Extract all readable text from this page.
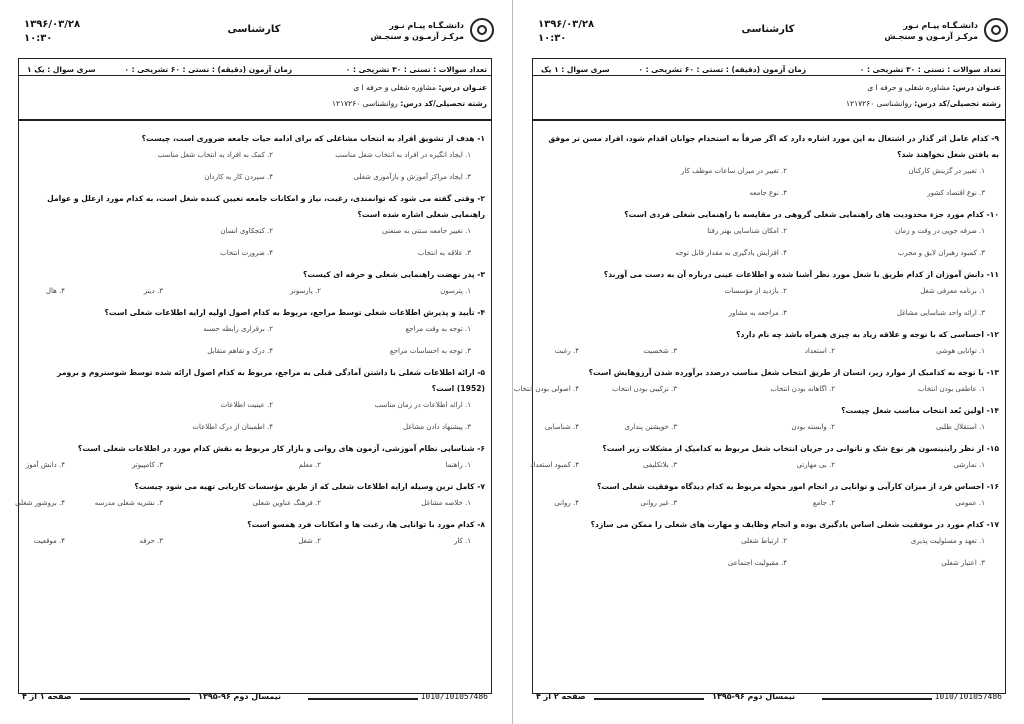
۱۳۹۶/۰۳/۲۸
۱۰:۳۰
کارشناسی	دانشـگـاه پیـام نـور
مرکـز آزمـون و سنجـش
تعداد سوالات : تستی : ۳۰ تشریحی : ۰
زمان آزمون (دقیقه) : تستی : ۶۰ تشریحی : ۰
سری سوال : یک ۱
عنـوان درس: مشاوره شغلی و حرفه ا ی
رشته تحصیلی/کد درس: روانشناسی ۱۲۱۷۲۶۰

۱- هدف از تشویق افراد به انتخاب مشاغلی که برای ادامه حیات جامعه ضروری است، چیست؟

۱. ایجاد انگیزه در افراد به انتخاب شغل مناسب
۲. کمک به افراد به انتخاب شغل مناسب
۳. ایجاد مراکز آموزش و بازآموزی شغلی
۴. سپردن کار به کاردان

۲- وقتی گفته می شود که توانمندی، رغبت، نیاز و امکانات جامعه تعیین کننده شغل است، به کدام مورد ازعلل و عوامل راهنمایی شغلی اشاره شده است؟

۱. تغییر جامعه سنتی به صنعتی
۲. کنجکاوی انسان
۳. علاقه به انتخاب
۴. ضرورت انتخاب

۳- پدر نهضت راهنمایی شغلی و حرفه ای کیست؟

۱. پترسون
۲. پارسونز
۳. دیتز
۴. هال

۴- تأیید و پذیرش اطلاعات شغلی توسط مراجع، مربوط به کدام اصول اولیه ارایه اطلاعات شغلی است؟

۱. توجه به وقت مراجع
۲. برقراری رابطه حسنه
۳. توجه به احساسات مراجع
۴. درک و تفاهم متقابل

۵- ارائه اطلاعات شغلی با داشتن آمادگی قبلی به مراجع، مربوط به کدام اصول ارائه شده توسط شوستروم و برومر (1952) است؟

۱. ارائه اطلاعات در زمان مناسب
۲. عینیت اطلاعات
۳. پیشنهاد دادن مشاغل
۴. اطمینان از درک اطلاعات

۶- شناسایی نظام آموزشی، آزمون های روانی و بازار کار مربوط به نقش کدام مورد در اطلاعات شغلی است؟

۱. راهنما
۲. معلم
۳. کامپیوتر
۴. دانش آموز

۷- کامل ترین وسیله ارایه اطلاعات شغلی که از طریق مؤسسات کاریابی تهیه می شود چیست؟

۱. خلاصه مشاغل
۲. فرهنگ عناوین شغلی
۳. نشریه شغلی مدرسه
۴. بروشور شغلی

۸- کدام مورد با توانایی ها، رغبت ها و امکانات فرد همسو است؟

۱. کار
۲. شغل
۳. حرفه
۴. موقعیت
صفحه ۱ از ۴	نیمسال دوم ۹۶-۱۳۹۵	1010/101057486
۱۳۹۶/۰۳/۲۸
۱۰:۳۰
کارشناسی	دانشـگـاه پیـام نـور
مرکـز آزمـون و سنجـش
تعداد سوالات : تستی : ۳۰ تشریحی : ۰
زمان آزمون (دقیقه) : تستی : ۶۰ تشریحی : ۰
سری سوال : ۱ یک
عنـوان درس: مشاوره شغلی و حرفه ا ی
رشته تحصیلی/کد درس: روانشناسی ۱۲۱۷۲۶۰

۹- کدام عامل اثر گذار در اشتغال به این مورد اشاره دارد که اگر صرفاً به استخدام جوانان اقدام شود، افراد مسن تر موفق به یافتن شغل نخواهند شد؟

۱. تغییر در گزینش کارکنان
۲. تغییر در میزان ساعات موظف کار
۳. نوع اقتصاد کشور
۴. نوع جامعه

۱۰- کدام مورد جزء محدودیت های راهنمایی شغلی گروهی در مقایسه با راهنمایی شغلی فردی است؟

۱. صرفه جویی در وقت و زمان
۲. امکان شناسایی بهتر رفتا
۳. کمبود رهبران لایق و مجرب
۴. افزایش یادگیری به مقدار قابل توجه

۱۱- دانش آموزان از کدام طریق با شغل مورد نظر آشنا شده و اطلاعات عینی درباره آن به دست می آورند؟

۱. برنامه معرفی شغل
۲. بازدید از مؤسسات
۳. ارائه واحد شناسایی مشاغل
۴. مراجعه به مشاور

۱۲- احساسی که با توجه و علاقه زیاد به چیزی همراه باشد چه نام دارد؟

۱. توانایی هوشی
۲. استعداد
۳. شخصیت
۴. رغبت

۱۳- با توجه به کدامیک از موارد زیر، انسان از طریق انتخاب شغل مناسب درصدد برآورده شدن آرزوهایش است؟

۱. عاطفی بودن انتخاب
۲. اگاهانه بودن انتخاب
۳. ترکیبی بودن انتخاب
۴. اصولی بودن انتخاب

۱۴- اولین بُعد انتخاب مناسب شغل چیست؟

۱. استقلال طلبی
۲. وابسته بودن
۳. خویشتن پنداری
۴. شناسایی

۱۵- از نظر راینینسون هر نوع شک و ناتوانی در جریان انتخاب شغل مربوط به کدامیک از مشکلات زیر است؟

۱. نمارشی
۲. بی مهارتی
۳. بلاتکلیفی
۴. کمبود استعداد

۱۶- احساس فرد از میزان کارآیی و توانایی در انجام امور محوله مربوط به کدام دیدگاه موفقیت شغلی است؟

۱. عمومی
۲. جامع
۳. غیر روانی
۴. روانی

۱۷- کدام مورد در موفقیت شغلی اساس یادگیری بوده و انجام وظایف و مهارت های شغلی را ممکن می سازد؟

۱. تعهد و مسئولیت پذیری
۲. ارتباط شغلی
۳. اعتبار شغلی
۴. مقبولیت اجتماعی
صفحه ۲ از ۴	نیمسال دوم ۹۶-۱۳۹۵	1010/101057486
